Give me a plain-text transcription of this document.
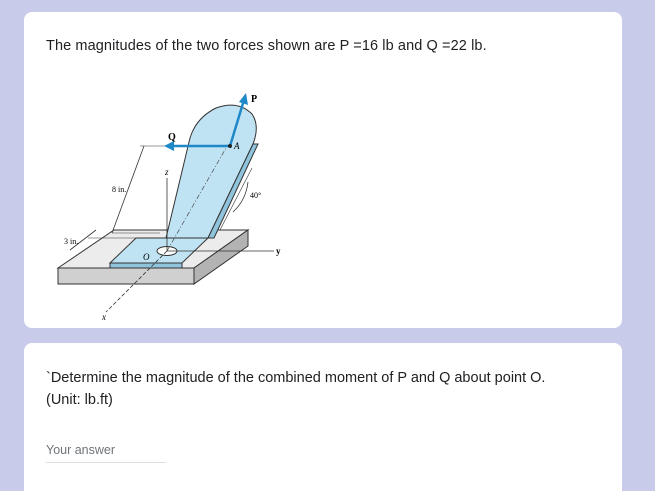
The magnitudes of the two forces shown are P =16 lb and Q =22 lb.
P
Q
A
z
8 in.
40°
3 in.
O
y
x
`Determine the magnitude of the combined moment of P and Q about point O.
(Unit: lb.ft)
Your answer
